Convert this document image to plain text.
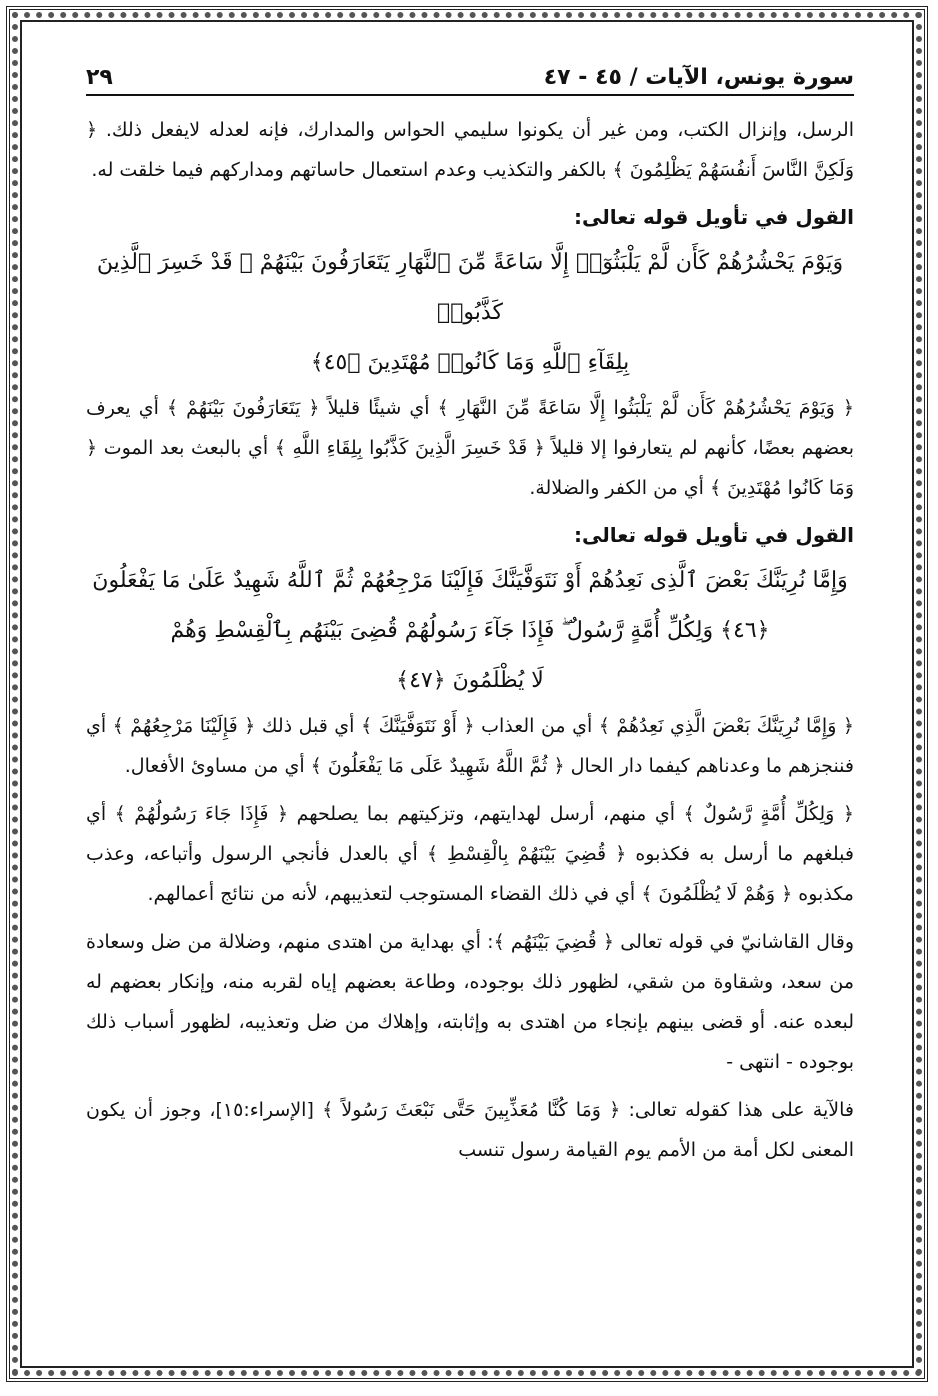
سورة يونس، الآيات / ٤٥ - ٤٧
٢٩

الرسل، وإنزال الكتب، ومن غير أن يكونوا سليمي الحواس والمدارك، فإنه لعدله لايفعل ذلك. ﴿ وَلَكِنَّ النَّاسَ أَنفُسَهُمْ يَظْلِمُونَ ﴾ بالكفر والتكذيب وعدم استعمال حاساتهم ومداركهم فيما خلقت له.

القول في تأويل قوله تعالى:
وَيَوْمَ يَحْشُرُهُمْ كَأَن لَّمْ يَلْبَثُوٓا۟ إِلَّا سَاعَةً مِّنَ ٱلنَّهَارِ يَتَعَارَفُونَ بَيْنَهُمْ ۚ قَدْ خَسِرَ ٱلَّذِينَ كَذَّبُوا۟
بِلِقَآءِ ٱللَّهِ وَمَا كَانُوا۟ مُهْتَدِينَ ﴿٤٥﴾

﴿ وَيَوْمَ يَحْشُرُهُمْ كَأَن لَّمْ يَلْبَثُوا إِلَّا سَاعَةً مِّنَ النَّهَارِ ﴾ أي شيئًا قليلاً ﴿ يَتَعَارَفُونَ بَيْنَهُمْ ﴾ أي يعرف بعضهم بعضًا، كأنهم لم يتعارفوا إلا قليلاً ﴿ قَدْ خَسِرَ الَّذِينَ كَذَّبُوا بِلِقَاءِ اللَّهِ ﴾ أي بالبعث بعد الموت ﴿ وَمَا كَانُوا مُهْتَدِينَ ﴾ أي من الكفر والضلالة.

القول في تأويل قوله تعالى:
وَإِمَّا نُرِيَنَّكَ بَعْضَ ٱلَّذِى نَعِدُهُمْ أَوْ نَتَوَفَّيَنَّكَ فَإِلَيْنَا مَرْجِعُهُمْ ثُمَّ ٱللَّهُ شَهِيدٌ عَلَىٰ مَا يَفْعَلُونَ
﴿٤٦﴾ وَلِكُلِّ أُمَّةٍ رَّسُولٌ ۖ فَإِذَا جَآءَ رَسُولُهُمْ قُضِىَ بَيْنَهُم بِٱلْقِسْطِ وَهُمْ
لَا يُظْلَمُونَ ﴿٤٧﴾

﴿ وَإِمَّا نُرِيَنَّكَ بَعْضَ الَّذِي نَعِدُهُمْ ﴾ أي من العذاب ﴿ أَوْ نَتَوَفَّيَنَّكَ ﴾ أي قبل ذلك ﴿ فَإِلَيْنَا مَرْجِعُهُمْ ﴾ أي فننجزهم ما وعدناهم كيفما دار الحال ﴿ ثُمَّ اللَّهُ شَهِيدٌ عَلَى مَا يَفْعَلُونَ ﴾ أي من مساوئ الأفعال.

﴿ وَلِكُلِّ أُمَّةٍ رَّسُولٌ ﴾ أي منهم، أرسل لهدايتهم، وتزكيتهم بما يصلحهم ﴿ فَإِذَا جَاءَ رَسُولُهُمْ ﴾ أي فبلغهم ما أرسل به فكذبوه ﴿ قُضِيَ بَيْنَهُمْ بِالْقِسْطِ ﴾ أي بالعدل فأنجي الرسول وأتباعه، وعذب مكذبوه ﴿ وَهُمْ لَا يُظْلَمُونَ ﴾ أي في ذلك القضاء المستوجب لتعذيبهم، لأنه من نتائج أعمالهم.

وقال القاشانيّ في قوله تعالى ﴿ قُضِيَ بَيْنَهُم ﴾: أي بهداية من اهتدى منهم، وضلالة من ضل وسعادة من سعد، وشقاوة من شقي، لظهور ذلك بوجوده، وطاعة بعضهم إياه لقربه منه، وإنكار بعضهم له لبعده عنه. أو قضى بينهم بإنجاء من اهتدى به وإثابته، وإهلاك من ضل وتعذيبه، لظهور أسباب ذلك بوجوده - انتهى -

فالآية على هذا كقوله تعالى: ﴿ وَمَا كُنَّا مُعَذِّبِينَ حَتَّى نَبْعَثَ رَسُولاً ﴾ [الإسراء:١٥]، وجوز أن يكون المعنى لكل أمة من الأمم يوم القيامة رسول تنسب
